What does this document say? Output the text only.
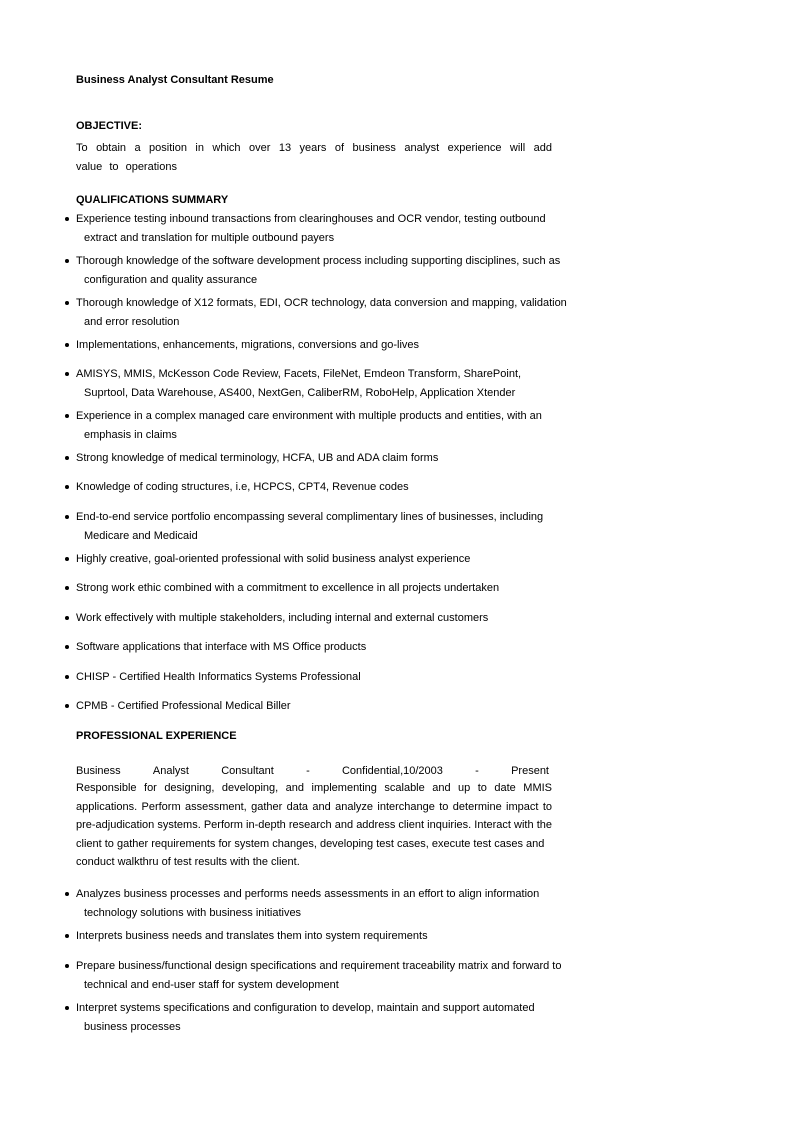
Business Analyst Consultant Resume
OBJECTIVE:

To obtain a position in which over 13 years of business analyst experience will add value to operations

QUALIFICATIONS SUMMARY
Experience testing inbound transactions from clearinghouses and OCR vendor, testing outbound
extract and translation for multiple outbound payers
Thorough knowledge of the software development process including supporting disciplines, such as
configuration and quality assurance
Thorough knowledge of X12 formats, EDI, OCR technology, data conversion and mapping, validation
and error resolution
Implementations, enhancements, migrations, conversions and go-lives
AMISYS, MMIS, McKesson Code Review, Facets, FileNet, Emdeon Transform, SharePoint,
Suprtool, Data Warehouse, AS400, NextGen, CaliberRM, RoboHelp, Application Xtender
Experience in a complex managed care environment with multiple products and entities, with an
emphasis in claims
Strong knowledge of medical terminology, HCFA, UB and ADA claim forms
Knowledge of coding structures, i.e, HCPCS, CPT4, Revenue codes
End-to-end service portfolio encompassing several complimentary lines of businesses, including
Medicare and Medicaid
Highly creative, goal-oriented professional with solid business analyst experience
Strong work ethic combined with a commitment to excellence in all projects undertaken
Work effectively with multiple stakeholders, including internal and external customers
Software applications that interface with MS Office products
CHISP - Certified Health Informatics Systems Professional
CPMB - Certified Professional Medical Biller
PROFESSIONAL EXPERIENCE
Business	Analyst	Consultant	-	Confidential,10/2003	-	Present
Responsible for designing, developing, and implementing scalable and up to date MMIS applications. Perform assessment, gather data and analyze interchange to determine impact to pre-adjudication systems. Perform in-depth research and address client inquiries. Interact with the client to gather requirements for system changes, developing test cases, execute test cases and
conduct walkthru of test results with the client.
Analyzes business processes and performs needs assessments in an effort to align information
technology solutions with business initiatives
Interprets business needs and translates them into system requirements
Prepare business/functional design specifications and requirement traceability matrix and forward to
technical and end-user staff for system development
Interpret systems specifications and configuration to develop, maintain and support automated
business processes
